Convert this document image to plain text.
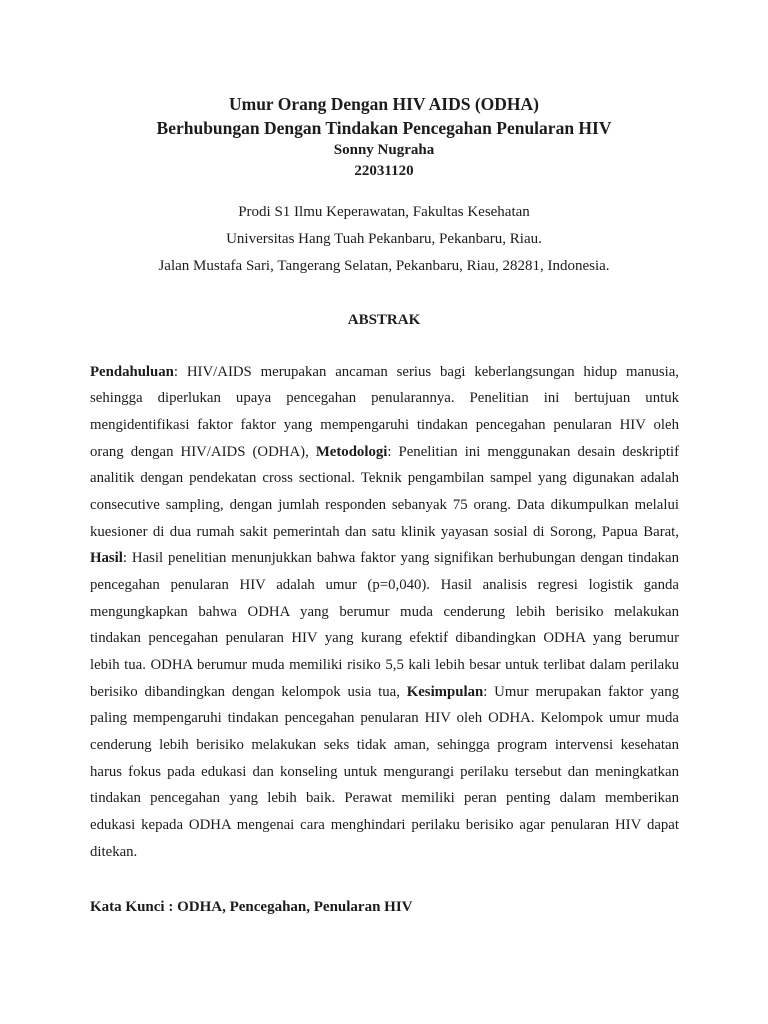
Umur Orang Dengan HIV AIDS (ODHA)
Berhubungan Dengan Tindakan Pencegahan Penularan HIV
Sonny Nugraha
22031120
Prodi S1 Ilmu Keperawatan, Fakultas Kesehatan
Universitas Hang Tuah Pekanbaru, Pekanbaru, Riau.
Jalan Mustafa Sari, Tangerang Selatan, Pekanbaru, Riau, 28281, Indonesia.
ABSTRAK
Pendahuluan: HIV/AIDS merupakan ancaman serius bagi keberlangsungan hidup manusia,
sehingga diperlukan upaya pencegahan penularannya. Penelitian ini bertujuan untuk
mengidentifikasi faktor faktor yang mempengaruhi tindakan pencegahan penularan HIV oleh
orang dengan HIV/AIDS (ODHA), Metodologi: Penelitian ini menggunakan desain deskriptif
analitik dengan pendekatan cross sectional. Teknik pengambilan sampel yang digunakan adalah
consecutive sampling, dengan jumlah responden sebanyak 75 orang. Data dikumpulkan melalui
kuesioner di dua rumah sakit pemerintah dan satu klinik yayasan sosial di Sorong, Papua Barat,
Hasil: Hasil penelitian menunjukkan bahwa faktor yang signifikan berhubungan dengan tindakan
pencegahan penularan HIV adalah umur (p=0,040). Hasil analisis regresi logistik ganda
mengungkapkan bahwa ODHA yang berumur muda cenderung lebih berisiko melakukan
tindakan pencegahan penularan HIV yang kurang efektif dibandingkan ODHA yang berumur
lebih tua. ODHA berumur muda memiliki risiko 5,5 kali lebih besar untuk terlibat dalam perilaku
berisiko dibandingkan dengan kelompok usia tua, Kesimpulan: Umur merupakan faktor yang
paling mempengaruhi tindakan pencegahan penularan HIV oleh ODHA. Kelompok umur muda
cenderung lebih berisiko melakukan seks tidak aman, sehingga program intervensi kesehatan
harus fokus pada edukasi dan konseling untuk mengurangi perilaku tersebut dan meningkatkan
tindakan pencegahan yang lebih baik. Perawat memiliki peran penting dalam memberikan
edukasi kepada ODHA mengenai cara menghindari perilaku berisiko agar penularan HIV dapat
ditekan.
Kata Kunci : ODHA, Pencegahan, Penularan HIV
